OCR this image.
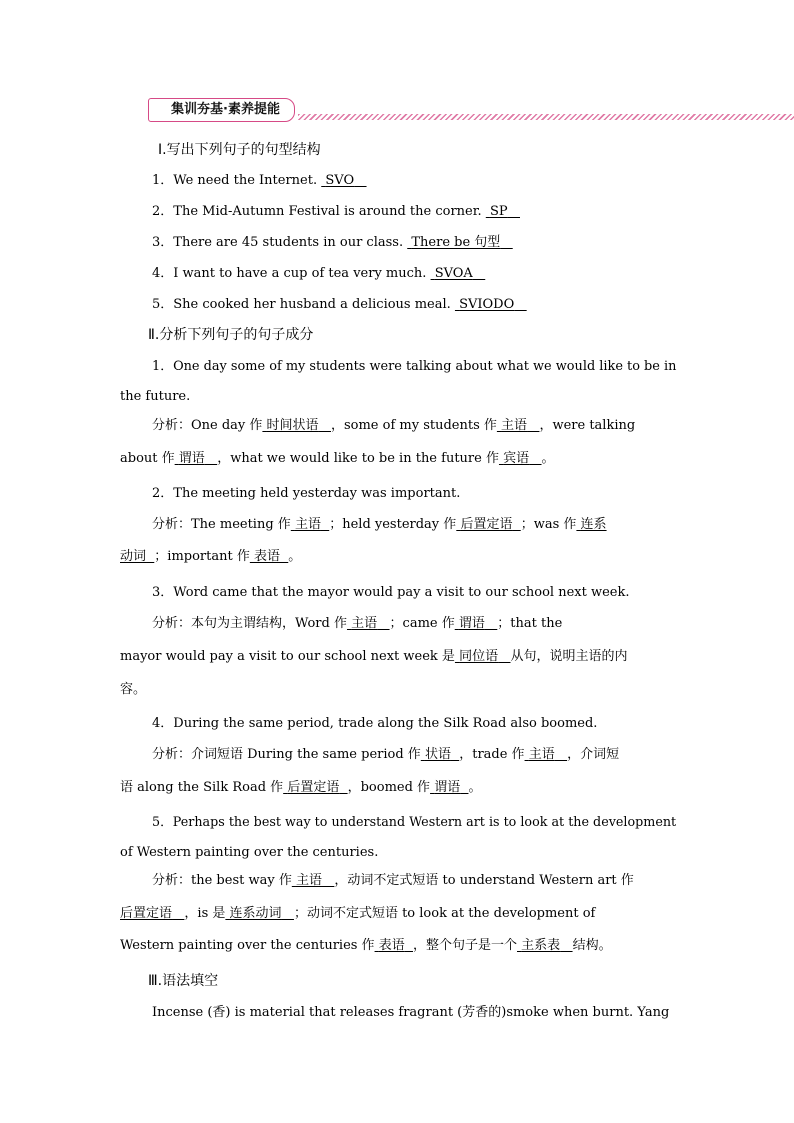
集训夯基·素养提能
Ⅰ.写出下列句子的句型结构
1．We need the Internet. SVO
2．The Mid-Autumn Festival is around the corner. SP
3．There are 45 students in our class. There be 句型
4．I want to have a cup of tea very much. SVOA
5．She cooked her husband a delicious meal. SVIODO
Ⅱ.分析下列句子的句子成分
1．One day some of my students were talking about what we would like to be in
the future.
分析：One day 作 时间状语 ，some of my students 作 主语 ，were talking
about 作 谓语 ，what we would like to be in the future 作 宾语 。
2．The meeting held yesterday was important.
分析：The meeting 作 主语 ；held yesterday 作 后置定语 ；was 作 连系
动词 ；important 作 表语 。
3．Word came that the mayor would pay a visit to our school next week.
分析：本句为主谓结构，Word 作 主语 ；came 作 谓语 ；that the
mayor would pay a visit to our school next week 是 同位语 从句，说明主语的内
容。
4．During the same period, trade along the Silk Road also boomed.
分析：介词短语 During the same period 作 状语 ，trade 作 主语 ，介词短
语 along the Silk Road 作 后置定语 ，boomed 作 谓语 。
5．Perhaps the best way to understand Western art is to look at the development
of Western painting over the centuries.
分析：the best way 作 主语 ，动词不定式短语 to understand Western art 作
后置定语 ，is 是 连系动词 ；动词不定式短语 to look at the development of
Western painting over the centuries 作 表语 ，整个句子是一个 主系表 结构。
Ⅲ.语法填空
Incense (香) is material that releases fragrant (芳香的)smoke when burnt. Yang
